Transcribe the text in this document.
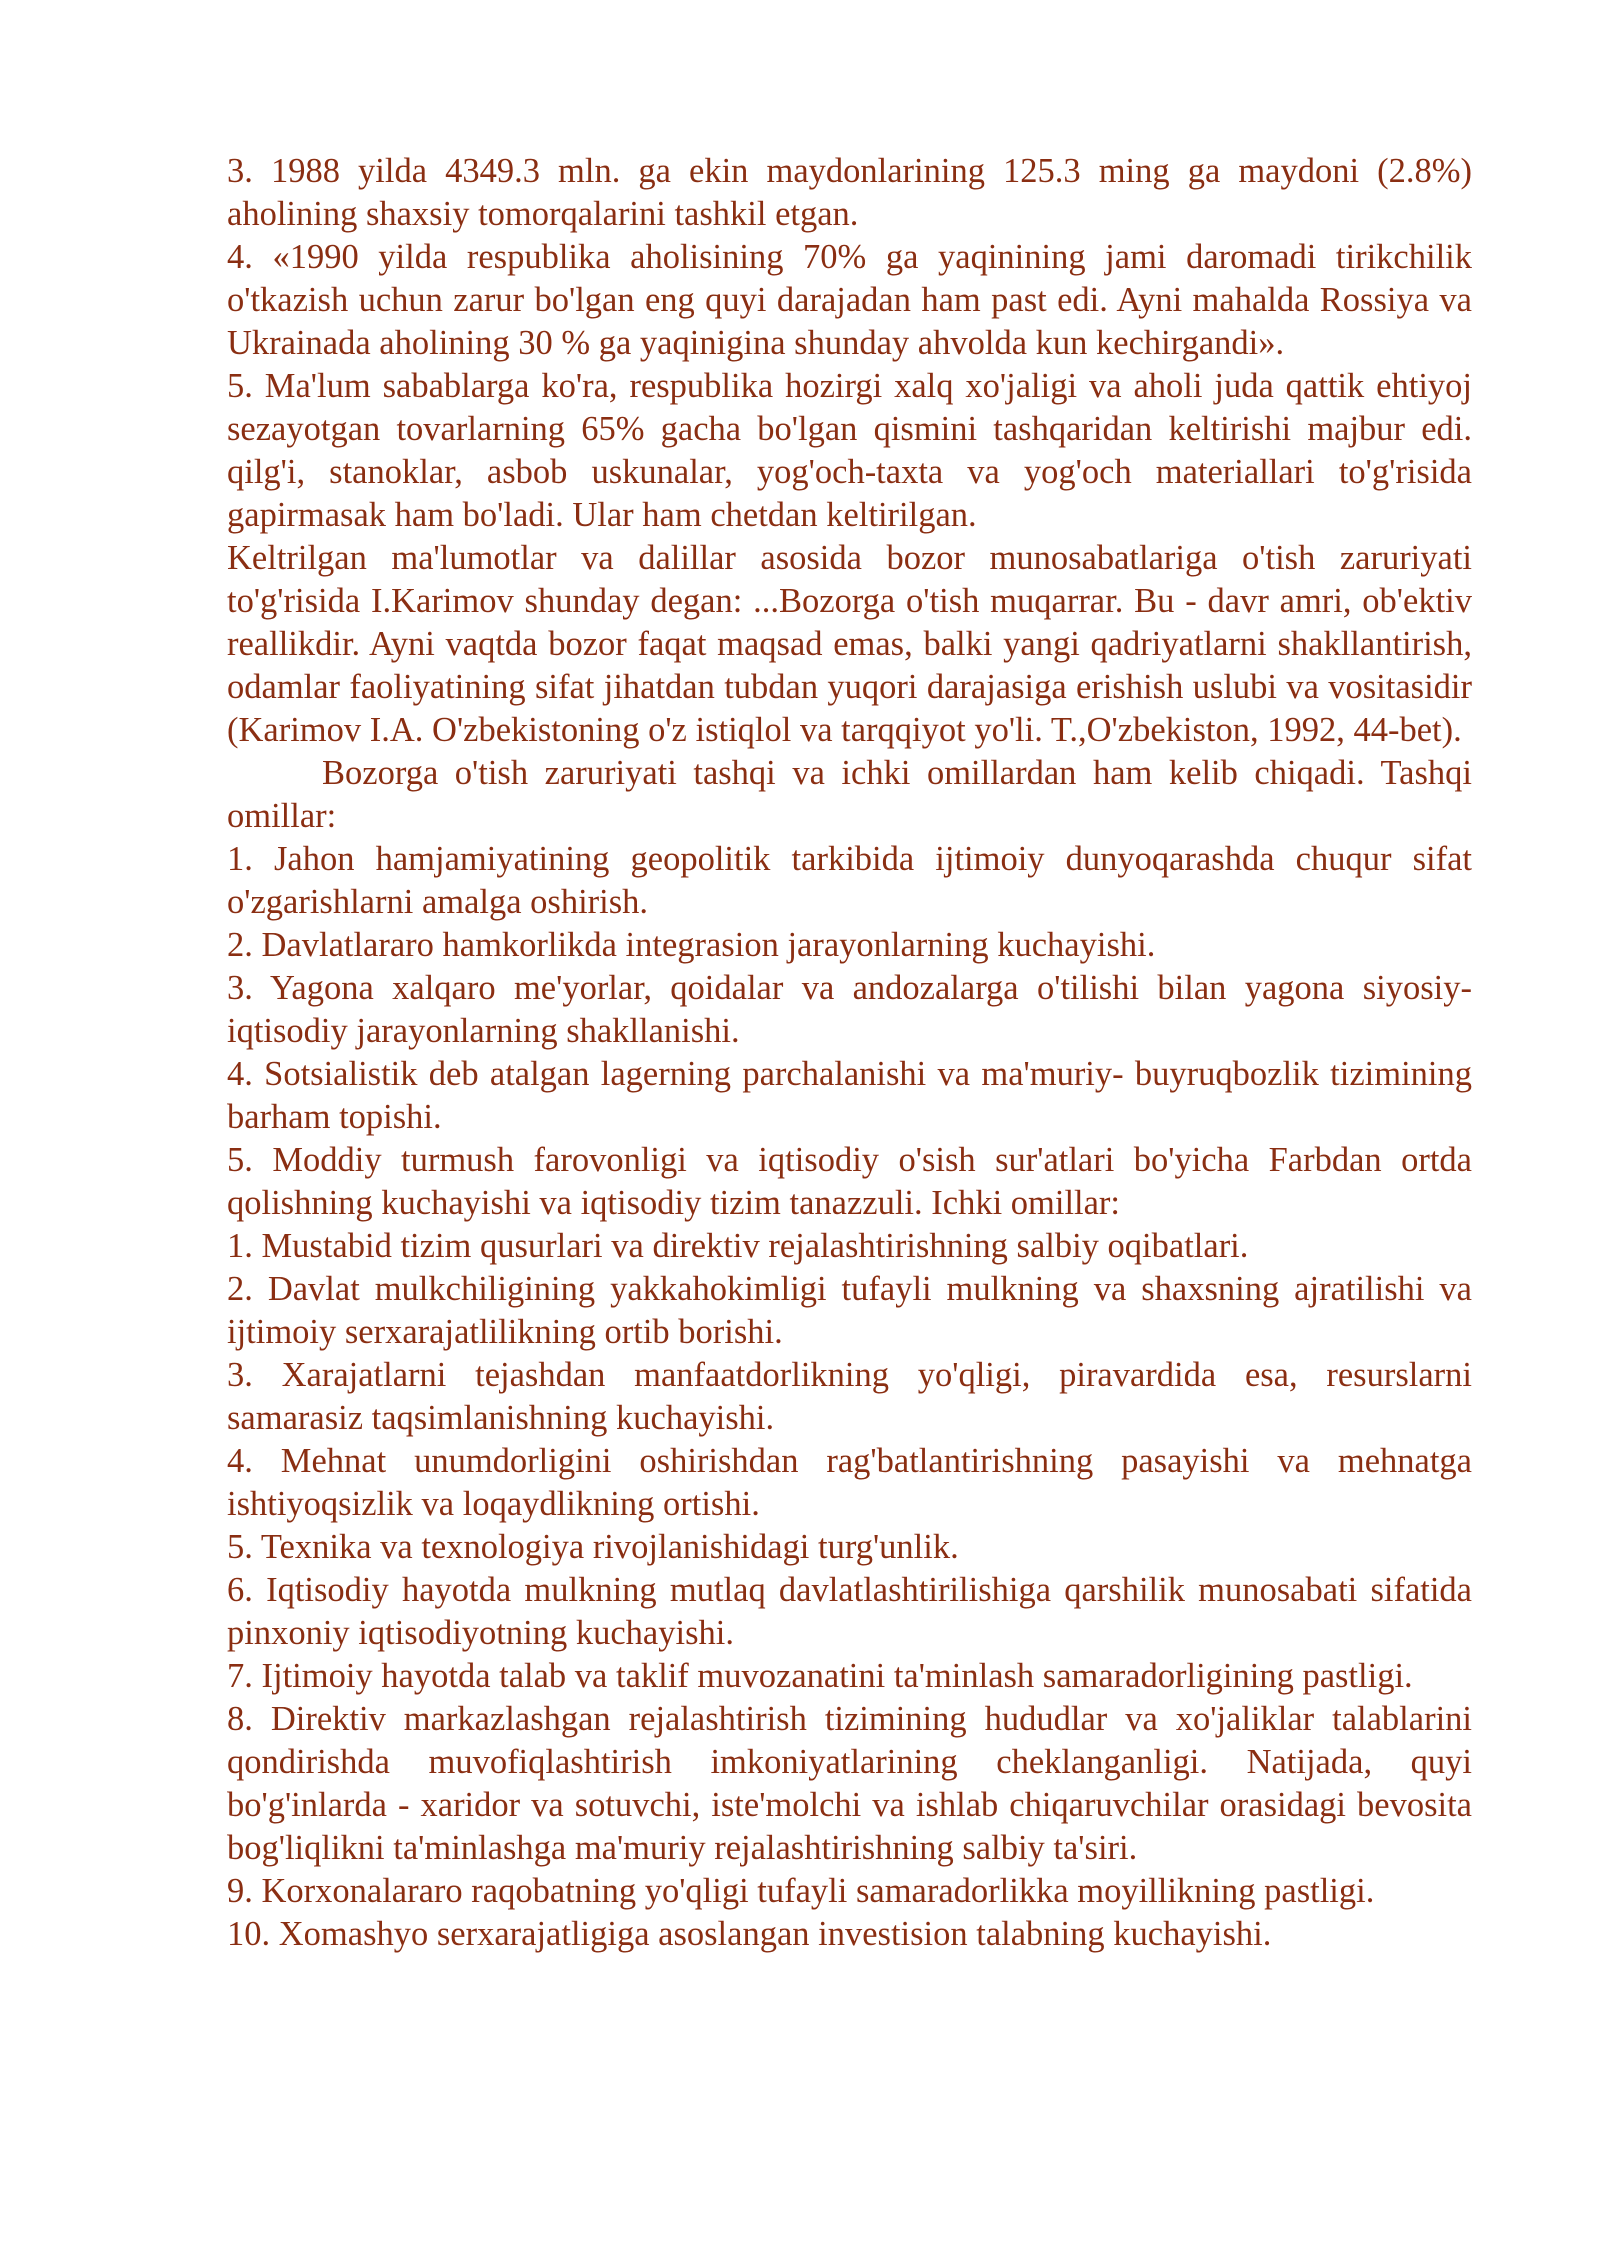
3. 1988 yilda 4349.3 mln. ga ekin maydonlarining 125.3 ming ga maydoni (2.8%) aholining shaxsiy tomorqalarini tashkil etgan.

4. «1990 yilda respublika aholisining 70% ga yaqinining jami daromadi tirikchilik o'tkazish uchun zarur bo'lgan eng quyi darajadan ham past edi. Ayni mahalda Rossiya va Ukrainada aholining 30 % ga yaqinigina shunday ahvolda kun kechirgandi».

5. Ma'lum sabablarga ko'ra, respublika hozirgi xalq xo'jaligi va aholi juda qattik ehtiyoj sezayotgan tovarlarning 65% gacha bo'lgan qismini tashqaridan keltirishi majbur edi. qilg'i, stanoklar, asbob uskunalar, yog'och-taxta va yog'och materiallari to'g'risida gapirmasak ham bo'ladi. Ular ham chetdan keltirilgan.

Keltrilgan ma'lumotlar va dalillar asosida bozor munosabatlariga o'tish zaruriyati to'g'risida I.Karimov shunday degan: ...Bozorga o'tish muqarrar. Bu - davr amri, ob'ektiv reallikdir. Ayni vaqtda bozor faqat maqsad emas, balki yangi qadriyatlarni shakllantirish, odamlar faoliyatining sifat jihatdan tubdan yuqori darajasiga erishish uslubi va vositasidir (Karimov I.A. O'zbekistoning o'z istiqlol va tarqqiyot yo'li. T.,O'zbekiston, 1992, 44-bet).

Bozorga o'tish zaruriyati tashqi va ichki omillardan ham kelib chiqadi. Tashqi omillar:

1. Jahon hamjamiyatining geopolitik tarkibida ijtimoiy dunyoqarashda chuqur sifat o'zgarishlarni amalga oshirish.

2. Davlatlararo hamkorlikda integrasion jarayonlarning kuchayishi.

3. Yagona xalqaro me'yorlar, qoidalar va andozalarga o'tilishi bilan yagona siyosiy-iqtisodiy jarayonlarning shakllanishi.

4. Sotsialistik deb atalgan lagerning parchalanishi va ma'muriy- buyruqbozlik tizimining barham topishi.

5. Moddiy turmush farovonligi va iqtisodiy o'sish sur'atlari bo'yicha Farbdan ortda qolishning kuchayishi va iqtisodiy tizim tanazzuli. Ichki omillar:

1. Mustabid tizim qusurlari va direktiv rejalashtirishning salbiy oqibatlari.

2. Davlat mulkchiligining yakkahokimligi tufayli mulkning va shaxsning ajratilishi va ijtimoiy serxarajatlilikning ortib borishi.

3. Xarajatlarni tejashdan manfaatdorlikning yo'qligi, piravardida esa, resurslarni samarasiz taqsimlanishning kuchayishi.

4. Mehnat unumdorligini oshirishdan rag'batlantirishning pasayishi va mehnatga ishtiyoqsizlik va loqaydlikning ortishi.

5. Texnika va texnologiya rivojlanishidagi turg'unlik.

6. Iqtisodiy hayotda mulkning mutlaq davlatlashtirilishiga qarshilik munosabati sifatida pinxoniy iqtisodiyotning kuchayishi.

7. Ijtimoiy hayotda talab va taklif muvozanatini ta'minlash samaradorligining pastligi.

8. Direktiv markazlashgan rejalashtirish tizimining hududlar va xo'jaliklar talablarini qondirishda muvofiqlashtirish imkoniyatlarining cheklanganligi. Natijada, quyi bo'g'inlarda - xaridor va sotuvchi, iste'molchi va ishlab chiqaruvchilar orasidagi bevosita bog'liqlikni ta'minlashga ma'muriy rejalashtirishning salbiy ta'siri.

9. Korxonalararo raqobatning yo'qligi tufayli samaradorlikka moyillikning pastligi.

10. Xomashyo serxarajatligiga asoslangan investision talabning kuchayishi.
